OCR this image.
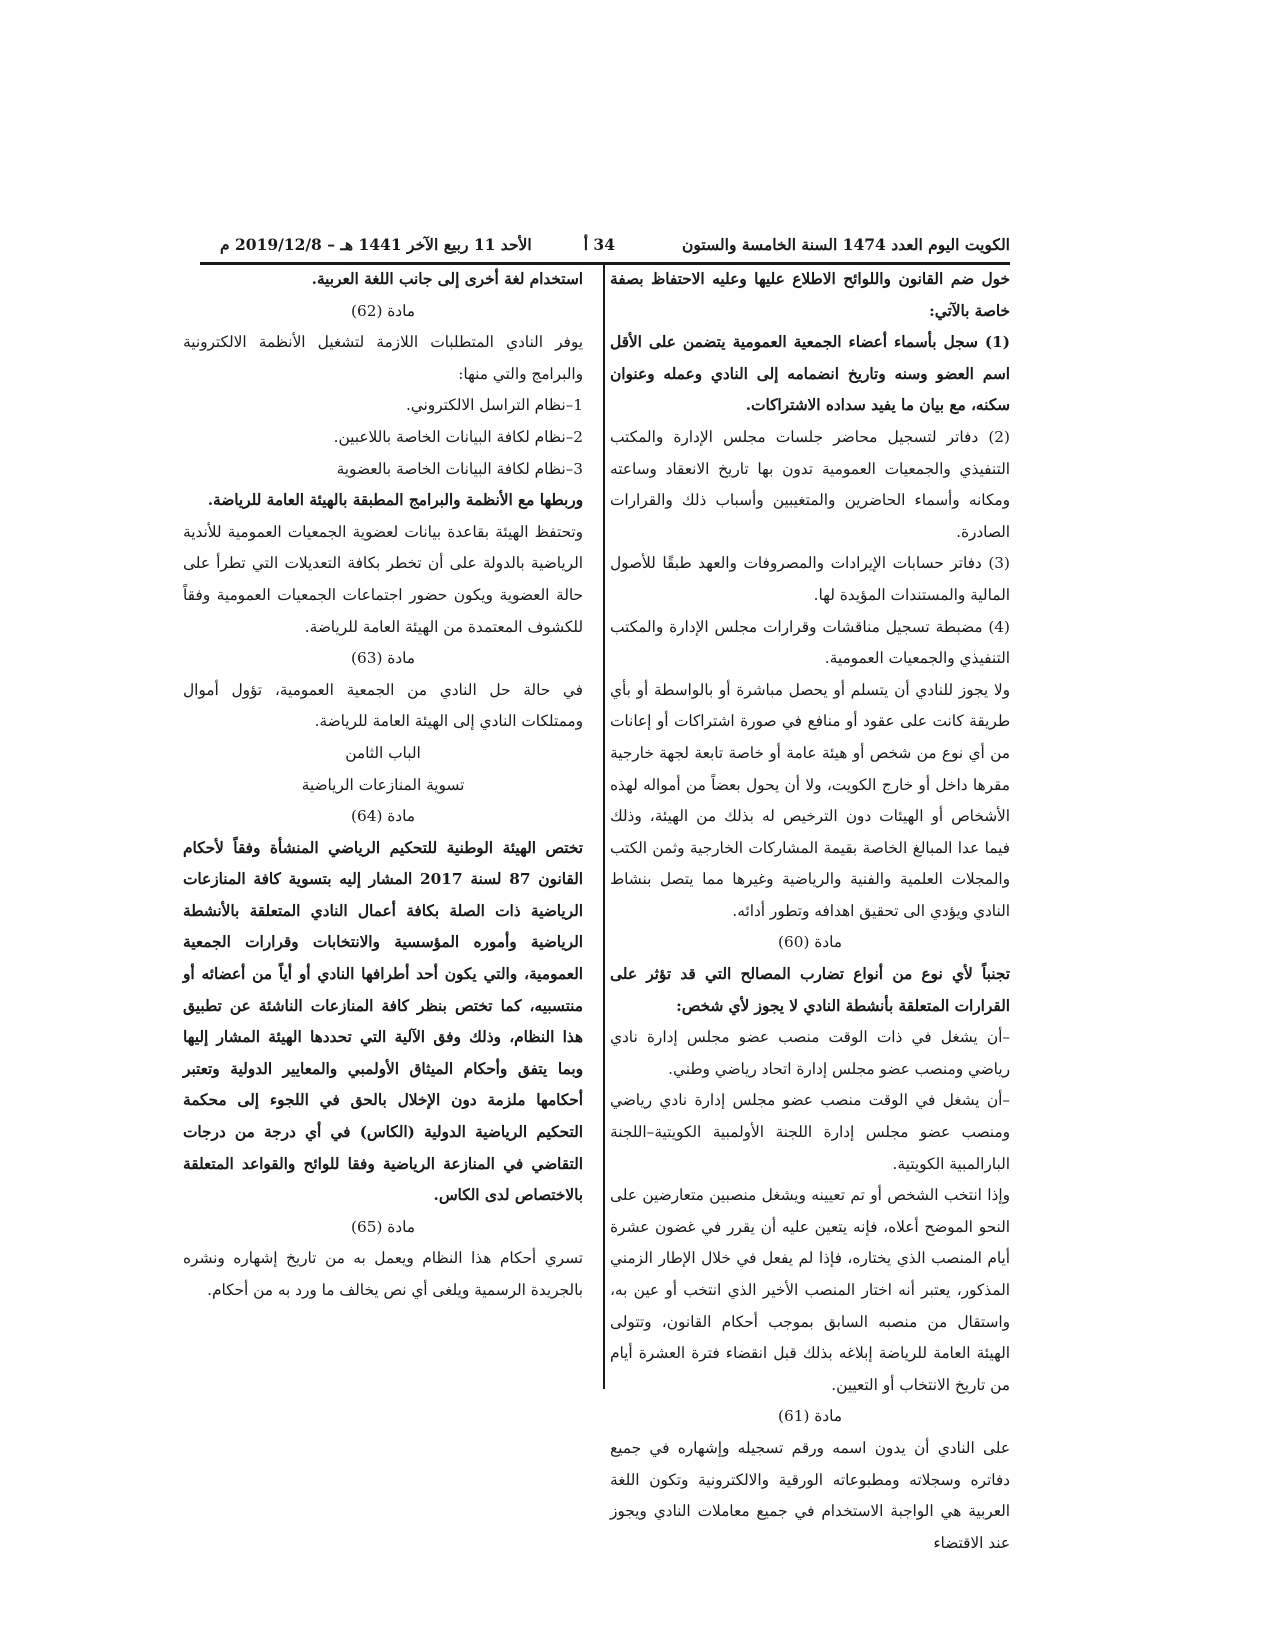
الكويت اليوم العدد 1474 السنة الخامسة والستون
34 أ
الأحد 11 ربيع الآخر 1441 هـ – 2019/12/8 م

خول ضم القانون واللوائح الاطلاع عليها وعليه الاحتفاظ بصفة خاصة بالآتي:

(1) سجل بأسماء أعضاء الجمعية العمومية يتضمن على الأقل اسم العضو وسنه وتاريخ انضمامه إلى النادي وعمله وعنوان سكنه، مع بيان ما يفيد سداده الاشتراكات.

(2) دفاتر لتسجيل محاضر جلسات مجلس الإدارة والمكتب التنفيذي والجمعيات العمومية تدون بها تاريخ الانعقاد وساعته ومكانه وأسماء الحاضرين والمتغيبين وأسباب ذلك والقرارات الصادرة.

(3) دفاتر حسابات الإيرادات والمصروفات والعهد طبقًا للأصول المالية والمستندات المؤيدة لها.

(4) مضبطة تسجيل مناقشات وقرارات مجلس الإدارة والمكتب التنفيذي والجمعيات العمومية.

ولا يجوز للنادي أن يتسلم أو يحصل مباشرة أو بالواسطة أو بأي طريقة كانت على عقود أو منافع في صورة اشتراكات أو إعانات من أي نوع من شخص أو هيئة عامة أو خاصة تابعة لجهة خارجية مقرها داخل أو خارج الكويت، ولا أن يحول بعضاً من أمواله لهذه الأشخاص أو الهيئات دون الترخيص له بذلك من الهيئة، وذلك فيما عدا المبالغ الخاصة بقيمة المشاركات الخارجية وثمن الكتب والمجلات العلمية والفنية والرياضية وغيرها مما يتصل بنشاط النادي ويؤدي الى تحقيق اهدافه وتطور أدائه.

مادة (60)

تجنباً لأي نوع من أنواع تضارب المصالح التي قد تؤثر على القرارات المتعلقة بأنشطة النادي لا يجوز لأي شخص:

–أن يشغل في ذات الوقت منصب عضو مجلس إدارة نادي رياضي ومنصب عضو مجلس إدارة اتحاد رياضي وطني.

–أن يشغل في الوقت منصب عضو مجلس إدارة نادي رياضي ومنصب عضو مجلس إدارة اللجنة الأولمبية الكويتية–اللجنة البارالمبية الكويتية.

وإذا انتخب الشخص أو تم تعيينه ويشغل منصبين متعارضين على النحو الموضح أعلاه، فإنه يتعين عليه أن يقرر في غضون عشرة أيام المنصب الذي يختاره، فإذا لم يفعل في خلال الإطار الزمني المذكور، يعتبر أنه اختار المنصب الأخير الذي انتخب أو عين به، واستقال من منصبه السابق بموجب أحكام القانون، وتتولى الهيئة العامة للرياضة إبلاغه بذلك قبل انقضاء فترة العشرة أيام من تاريخ الانتخاب أو التعيين.

مادة (61)

على النادي أن يدون اسمه ورقم تسجيله وإشهاره في جميع دفاتره وسجلاته ومطبوعاته الورقية والالكترونية وتكون اللغة العربية هي الواجبة الاستخدام في جميع معاملات النادي ويجوز عند الاقتضاء

استخدام لغة أخرى إلى جانب اللغة العربية.

مادة (62)

يوفر النادي المتطلبات اللازمة لتشغيل الأنظمة الالكترونية والبرامج والتي منها:

1–نظام التراسل الالكتروني.

2–نظام لكافة البيانات الخاصة باللاعبين.

3–نظام لكافة البيانات الخاصة بالعضوية

وربطها مع الأنظمة والبرامج المطبقة بالهيئة العامة للرياضة.

وتحتفظ الهيئة بقاعدة بيانات لعضوية الجمعيات العمومية للأندية الرياضية بالدولة على أن تخطر بكافة التعديلات التي تطرأ على حالة العضوية ويكون حضور اجتماعات الجمعيات العمومية وفقاً للكشوف المعتمدة من الهيئة العامة للرياضة.

مادة (63)

في حالة حل النادي من الجمعية العمومية، تؤول أموال وممتلكات النادي إلى الهيئة العامة للرياضة.

الباب الثامن

تسوية المنازعات الرياضية

مادة (64)

تختص الهيئة الوطنية للتحكيم الرياضي المنشأة وفقاً لأحكام القانون 87 لسنة 2017 المشار إليه بتسوية كافة المنازعات الرياضية ذات الصلة بكافة أعمال النادي المتعلقة بالأنشطة الرياضية وأموره المؤسسية والانتخابات وقرارات الجمعية العمومية، والتي يكون أحد أطرافها النادي أو أياً من أعضائه أو منتسبيه، كما تختص بنظر كافة المنازعات الناشئة عن تطبيق هذا النظام، وذلك وفق الآلية التي تحددها الهيئة المشار إليها وبما يتفق وأحكام الميثاق الأولمبي والمعايير الدولية وتعتبر أحكامها ملزمة دون الإخلال بالحق في اللجوء إلى محكمة التحكيم الرياضية الدولية (الكاس) في أي درجة من درجات التقاضي في المنازعة الرياضية وفقا للوائح والقواعد المتعلقة بالاختصاص لدى الكاس.

مادة (65)

تسري أحكام هذا النظام ويعمل به من تاريخ إشهاره ونشره بالجريدة الرسمية ويلغى أي نص يخالف ما ورد به من أحكام.
